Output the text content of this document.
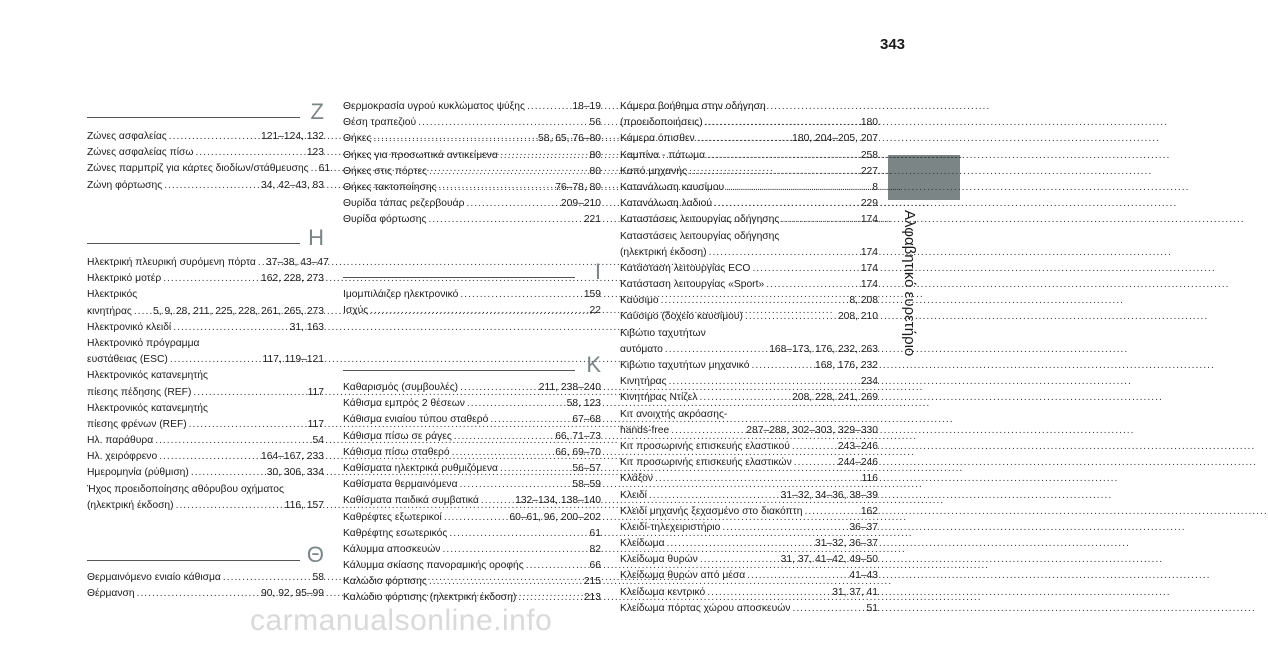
343
Αλφαβητικό ευρετήριο
Z
Ζώνες ασφαλείας .....	121–124, 132
Ζώνες ασφαλείας πίσω .....	123
Ζώνες παρμπρίζ για κάρτες διοδίων/στάθμευσης ..... 61
Ζώνη φόρτωσης .....	34, 42–43, 83
H
Ηλεκτρική πλευρική συρόμενη πόρτα ..... 37–38, 43–47
Ηλεκτρικό μοτέρ .....	162, 228, 273
Ηλεκτρικός
κινητήρας ..... 5, 9, 28, 211, 225, 228, 261, 265, 273
Ηλεκτρονικό κλειδί .....	31, 163
Ηλεκτρονικό πρόγραμμα
ευστάθειας (ESC) .....	117, 119–121
Ηλεκτρονικός κατανεμητής
πίεσης πέδησης (REF) .....	117
Ηλεκτρονικός κατανεμητής
πίεσης φρένων (REF) .....	117
Ηλ. παράθυρα .....	54
Ηλ. χειρόφρενο .....	164–167, 233
Ημερομηνία (ρύθμιση) .....	30, 306, 334
Ήχος προειδοποίησης αθόρυβου οχήματος
(ηλεκτρική έκδοση) .....	116, 157
Θ
Θερμαινόμενο ενιαίο κάθισμα .....	58
Θέρμανση .....	90, 92, 95–99
Θερμοκρασία υγρού κυκλώματος ψύξης .....	18–19
Θέση τραπεζιού .....	56
Θήκες .....	58, 65, 76–80
Θήκες για προσωπικά αντικείμενα .....	80
Θήκες στις πόρτες .....	80
Θήκες τακτοποίησης .....	76–78, 80
Θυρίδα τάπας ρεζερβουάρ .....	209–210
Θυρίδα φόρτωσης .....	221
I
Ιμομπιλάιζερ ηλεκτρονικό .....	159
Ισχύς .....	22
K
Καθαρισμός (συμβουλές) .....	211, 238–240
Κάθισμα εμπρός 2 θέσεων .....	58, 123
Κάθισμα ενιαίου τύπου σταθερό .....	67–68
Κάθισμα πίσω σε ράγες .....	66, 71–73
Κάθισμα πίσω σταθερό .....	66, 69–70
Καθίσματα ηλεκτρικά ρυθμιζόμενα .....	56–57
Καθίσματα θερμαινόμενα .....	58–59
Καθίσματα παιδικά συμβατικά .....	132–134, 138–140
Καθρέφτες εξωτερικοί .....	60–61, 96, 200–202
Καθρέφτης εσωτερικός .....	61
Κάλυμμα αποσκευών .....	82
Κάλυμμα σκίασης πανοραμικής οροφής .....	66
Καλώδιο φόρτισης .....	215
Καλώδιο φόρτισης (ηλεκτρική έκδοση) .....	213
Κάμερα βοήθημα στην οδήγηση
(προειδοποιήσεις) .....	180
Κάμερα όπισθεν .....	180, 204–205, 207
Καμπίνα - πάτωμα .....	258
Καπό μηχανής .....	227
Κατανάλωση καυσίμου .....	8
Κατανάλωση λαδιού .....	229
Καταστάσεις λειτουργίας οδήγησης .....	174
Καταστάσεις λειτουργίας οδήγησης
(ηλεκτρική έκδοση) .....	174
Κατάσταση λειτουργίας ECO .....	174
Κατάσταση λειτουργίας «Sport» .....	174
Καύσιμο .....	8, 208
Καύσιμο (δοχείο καυσίμου) .....	208, 210
Κιβώτιο ταχυτήτων
αυτόματο .....	168–173, 176, 232, 263
Κιβώτιο ταχυτήτων μηχανικό .....	168, 176, 232
Κινητήρας .....	234
Κινητήρας Ντίζελ .....	208, 228, 241, 269
Κιτ ανοιχτής ακρόασης-
hands-free .....	287–288, 302–303, 329–330
Κιτ προσωρινής επισκευής ελαστικού .....	243–246
Κιτ προσωρινής επισκευής ελαστικών .....	244–246
Κλάξον .....	116
Κλειδί .....	31–32, 34–36, 38–39
Κλειδί μηχανής ξεχασμένο στο διακόπτη .....	162
Κλειδί-τηλεχειριστήριο .....	36–37
Κλείδωμα .....	31–32, 36–37
Κλείδωμα θυρών .....	31, 37, 41–42, 49–50
Κλείδωμα θυρών από μέσα .....	41–43
Κλείδωμα κεντρικό .....	31, 37, 41
Κλείδωμα πόρτας χώρου αποσκευών .....	51
carmanualsonline.info
